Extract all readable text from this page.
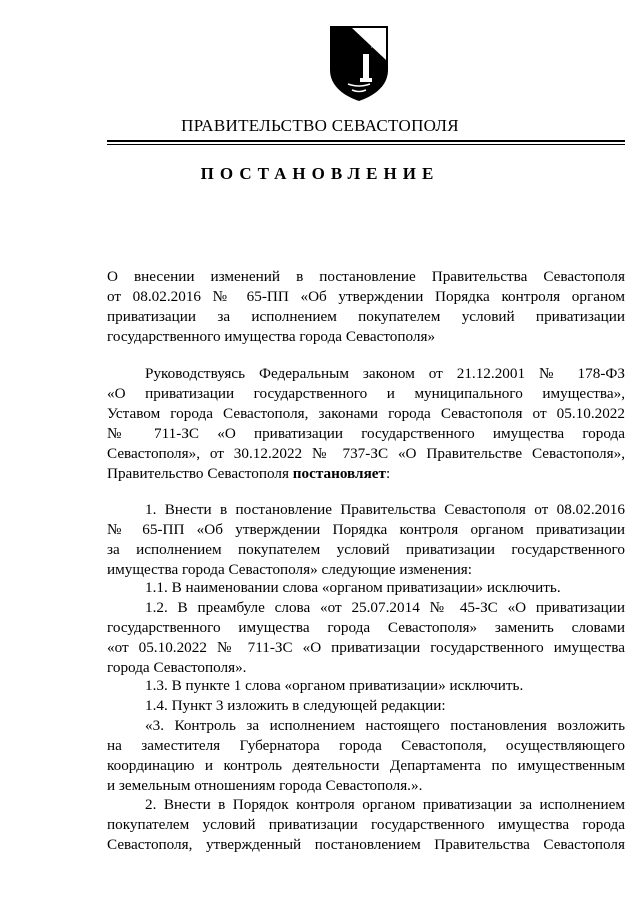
ПРАВИТЕЛЬСТВО СЕВАСТОПОЛЯ
ПОСТАНОВЛЕНИЕ
О внесении изменений в постановление Правительства Севастополя
от 08.02.2016 № 65-ПП «Об утверждении Порядка контроля органом
приватизации за исполнением покупателем условий приватизации
государственного имущества города Севастополя»
Руководствуясь Федеральным законом от 21.12.2001 № 178-ФЗ
«О приватизации государственного и муниципального имущества»,
Уставом города Севастополя, законами города Севастополя от 05.10.2022
№ 711-ЗС «О приватизации государственного имущества города
Севастополя», от 30.12.2022 № 737-ЗС «О Правительстве Севастополя»,
Правительство Севастополя постановляет:
1. Внести в постановление Правительства Севастополя от 08.02.2016
№ 65-ПП «Об утверждении Порядка контроля органом приватизации
за исполнением покупателем условий приватизации государственного
имущества города Севастополя» следующие изменения:
1.1. В наименовании слова «органом приватизации» исключить.
1.2. В преамбуле слова «от 25.07.2014 № 45-ЗС «О приватизации
государственного имущества города Севастополя» заменить словами
«от 05.10.2022 № 711-ЗС «О приватизации государственного имущества
города Севастополя».
1.3. В пункте 1 слова «органом приватизации» исключить.
1.4. Пункт 3 изложить в следующей редакции:
«3. Контроль за исполнением настоящего постановления возложить
на заместителя Губернатора города Севастополя, осуществляющего
координацию и контроль деятельности Департамента по имущественным
и земельным отношениям города Севастополя.».
2. Внести в Порядок контроля органом приватизации за исполнением
покупателем условий приватизации государственного имущества города
Севастополя, утвержденный постановлением Правительства Севастополя
